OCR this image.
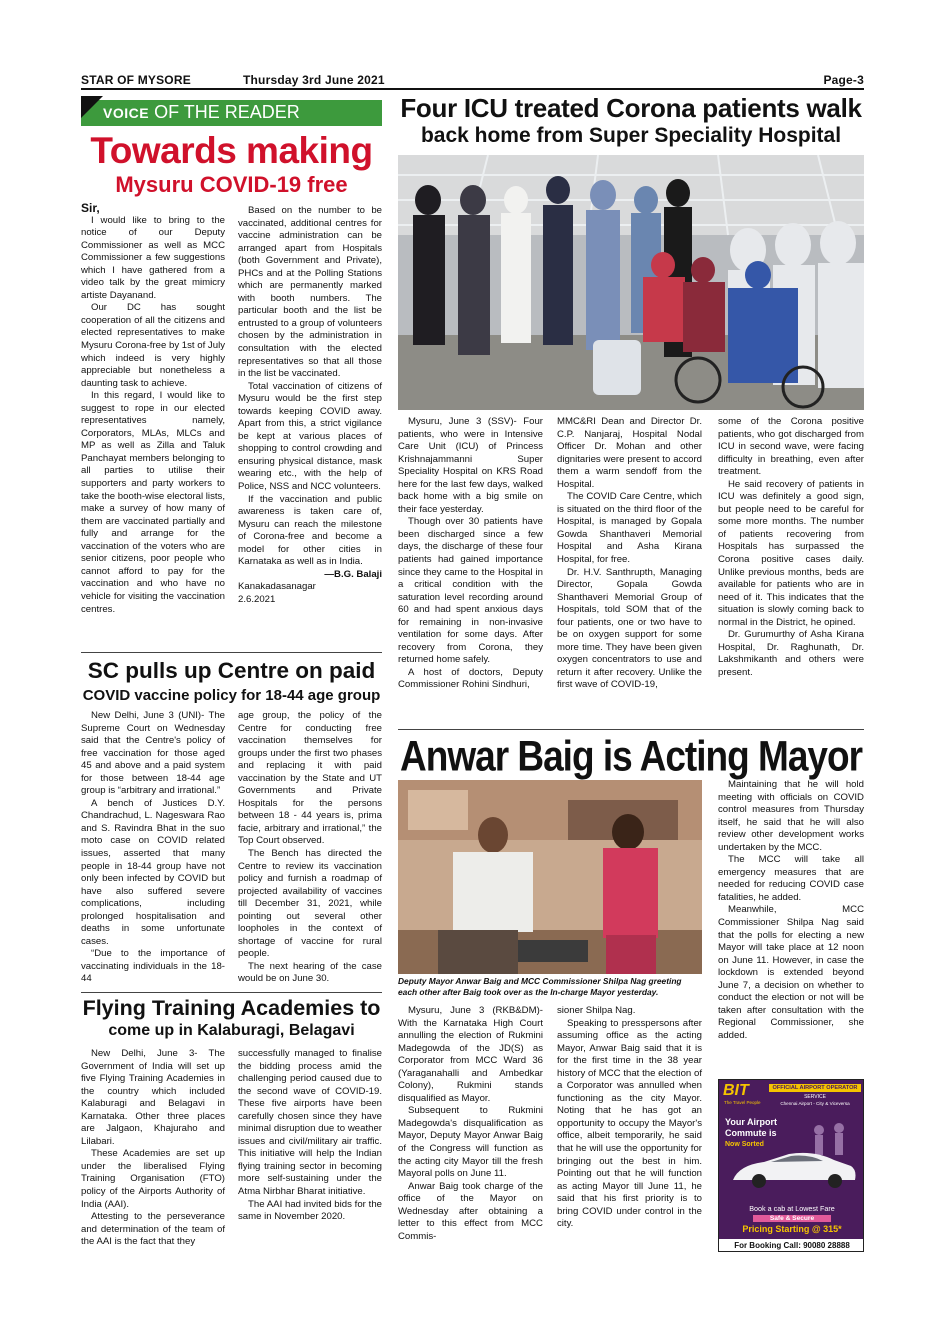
STAR OF MYSORE	Thursday 3rd June 2021	Page-3
VOICE OF THE READER
Towards making
Mysuru COVID-19 free

Sir,

I would like to bring to the notice of our Deputy Commissioner as well as MCC Commissioner a few suggestions which I have gathered from a video talk by the great mimicry artiste Dayanand.

Our DC has sought cooperation of all the citizens and elected representatives to make Mysuru Corona-free by 1st of July which indeed is very highly appreciable but nonetheless a daunting task to achieve.

In this regard, I would like to suggest to rope in our elected representatives namely, Corporators, MLAs, MLCs and MP as well as Zilla and Taluk Panchayat members belonging to all parties to utilise their supporters and party workers to take the booth-wise electoral lists, make a survey of how many of them are vaccinated partially and fully and arrange for the vaccination of the voters who are senior citizens, poor people who cannot afford to pay for the vaccination and who have no vehicle for visiting the vaccination centres.

Based on the number to be vaccinated, additional centres for vaccine administration can be arranged apart from Hospitals (both Government and Private), PHCs and at the Polling Stations which are permanently marked with booth numbers. The particular booth and the list be entrusted to a group of volunteers chosen by the administration in consultation with the elected representatives so that all those in the list be vaccinated.

Total vaccination of citizens of Mysuru would be the first step towards keeping COVID away. Apart from this, a strict vigilance be kept at various places of shopping to control crowding and ensuring physical distance, mask wearing etc., with the help of Police, NSS and NCC volunteers.

If the vaccination and public awareness is taken care of, Mysuru can reach the milestone of Corona-free and become a model for other cities in Karnataka as well as in India.

—B.G. Balaji

Kanakadasanagar

2.6.2021

Four ICU treated Corona patients walk
back home from Super Speciality Hospital

Mysuru, June 3 (SSV)- Four patients, who were in Intensive Care Unit (ICU) of Princess Krishnajammanni Super Speciality Hospital on KRS Road here for the last few days, walked back home with a big smile on their face yesterday.

Though over 30 patients have been discharged since a few days, the discharge of these four patients had gained importance since they came to the Hospital in a critical condition with the saturation level recording around 60 and had spent anxious days for remaining in non-invasive ventilation for some days. After recovery from Corona, they returned home safely.

A host of doctors, Deputy Commissioner Rohini Sindhuri,

MMC&RI Dean and Director Dr. C.P. Nanjaraj, Hospital Nodal Officer Dr. Mohan and other dignitaries were present to accord them a warm sendoff from the Hospital.

The COVID Care Centre, which is situated on the third floor of the Hospital, is managed by Gopala Gowda Shanthaveri Memorial Hospital and Asha Kirana Hospital, for free.

Dr. H.V. Santhrupth, Managing Director, Gopala Gowda Shanthaveri Memorial Group of Hospitals, told SOM that of the four patients, one or two have to be on oxygen support for some more time. They have been given oxygen concentrators to use and return it after recovery. Unlike the first wave of COVID-19,

some of the Corona positive patients, who got discharged from ICU in second wave, were facing difficulty in breathing, even after treatment.

He said recovery of patients in ICU was definitely a good sign, but people need to be careful for some more months. The number of patients recovering from Hospitals has surpassed the Corona positive cases daily. Unlike previous months, beds are available for patients who are in need of it. This indicates that the situation is slowly coming back to normal in the District, he opined.

Dr. Gurumurthy of Asha Kirana Hospital, Dr. Raghunath, Dr. Lakshmikanth and others were present.

SC pulls up Centre on paid
COVID vaccine policy for 18-44 age group

New Delhi, June 3 (UNI)- The Supreme Court on Wednesday said that the Centre's policy of free vaccination for those aged 45 and above and a paid system for those between 18-44 age group is “arbitrary and irrational.”

A bench of Justices D.Y. Chandrachud, L. Nageswara Rao and S. Ravindra Bhat in the suo moto case on COVID related issues, asserted that many people in 18-44 group have not only been infected by COVID but have also suffered severe complications, including prolonged hospitalisation and deaths in some unfortunate cases.

“Due to the importance of vaccinating individuals in the 18-44

age group, the policy of the Centre for conducting free vaccination themselves for groups under the first two phases and replacing it with paid vaccination by the State and UT Governments and Private Hospitals for the persons between 18 - 44 years is, prima facie, arbitrary and irrational,” the Top Court observed.

The Bench has directed the Centre to review its vaccination policy and furnish a roadmap of projected availability of vaccines till December 31, 2021, while pointing out several other loopholes in the context of shortage of vaccine for rural people.

The next hearing of the case would be on June 30.

Flying Training Academies to
come up in Kalaburagi, Belagavi

New Delhi, June 3- The Government of India will set up five Flying Training Academies in the country which included Kalaburagi and Belagavi in Karnataka. Other three places are Jalgaon, Khajuraho and Lilabari.

These Academies are set up under the liberalised Flying Training Organisation (FTO) policy of the Airports Authority of India (AAI).

Attesting to the perseverance and determination of the team of the AAI is the fact that they

successfully managed to finalise the bidding process amid the challenging period caused due to the second wave of COVID-19. These five airports have been carefully chosen since they have minimal disruption due to weather issues and civil/military air traffic. This initiative will help the Indian flying training sector in becoming more self-sustaining under the Atma Nirbhar Bharat initiative.

The AAI had invited bids for the same in November 2020.

Anwar Baig is Acting Mayor
Deputy Mayor Anwar Baig and MCC Commissioner Shilpa Nag greeting each other after Baig took over as the In-charge Mayor yesterday.

Mysuru, June 3 (RKB&DM)- With the Karnataka High Court annulling the election of Rukmini Madegowda of the JD(S) as Corporator from MCC Ward 36 (Yaraganahalli and Ambedkar Colony), Rukmini stands disqualified as Mayor.

Subsequent to Rukmini Madegowda's disqualification as Mayor, Deputy Mayor Anwar Baig of the Congress will function as the acting city Mayor till the fresh Mayoral polls on June 11.

Anwar Baig took charge of the office of the Mayor on Wednesday after obtaining a letter to this effect from MCC Commis-

sioner Shilpa Nag.

Speaking to presspersons after assuming office as the acting Mayor, Anwar Baig said that it is for the first time in the 38 year history of MCC that the election of a Corporator was annulled when functioning as the city Mayor. Noting that he has got an opportunity to occupy the Mayor's office, albeit temporarily, he said that he will use the opportunity for bringing out the best in him. Pointing out that he will function as acting Mayor till June 11, he said that his first priority is to bring COVID under control in the city.

Maintaining that he will hold meeting with officials on COVID control measures from Thursday itself, he said that he will also review other development works undertaken by the MCC.

The MCC will take all emergency measures that are needed for reducing COVID case fatalities, he added.

Meanwhile, MCC Commissioner Shilpa Nag said that the polls for electing a new Mayor will take place at 12 noon on June 11. However, in case the lockdown is extended beyond June 7, a decision on whether to conduct the election or not will be taken after consultation with the Regional Commissioner, she added.

BIT
The Travel People
OFFICIAL AIRPORT OPERATOR
SERVICE
Chennai Airport - City & Viceversa
Your Airport
Commute is
Now Sorted
Book a cab at Lowest Fare
Safe & Secure
Pricing Starting @ 315*
For Booking Call: 90080 28888
